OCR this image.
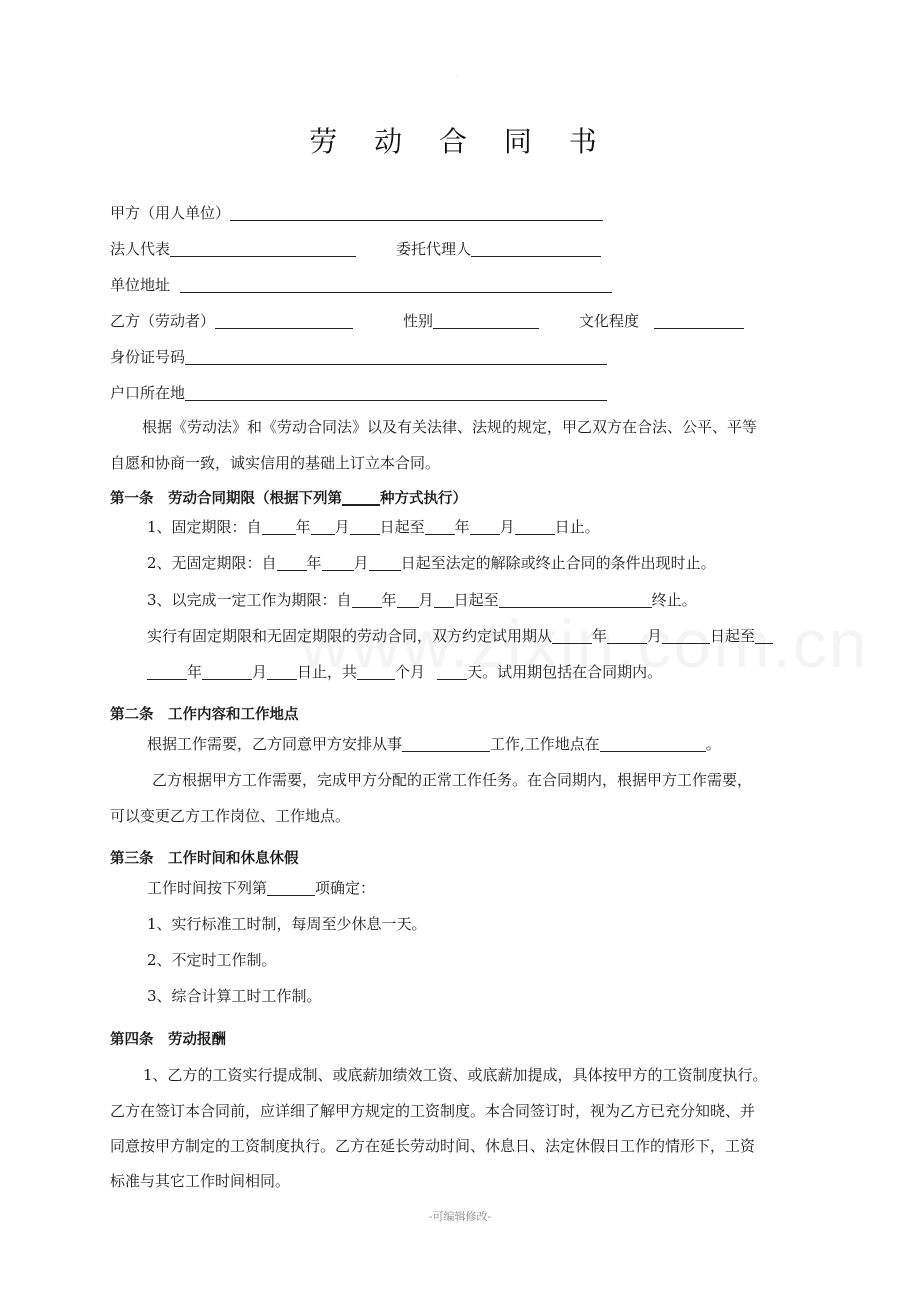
·
劳 动 合 同 书
甲方（用人单位）
法人代表	委托代理人
单位地址
乙方（劳动者）	性别	文化程度
身份证号码
户口所在地
根据《劳动法》和《劳动合同法》以及有关法律、法规的规定，甲乙双方在合法、公平、平等
自愿和协商一致，诚实信用的基础上订立本合同。
第一条　劳动合同期限（根据下列第	种方式执行）
1、固定期限：自 年 月 日起至 年 月	日止。
2、无固定期限：自 年 月 日起至法定的解除或终止合同的条件出现时止。
3、以完成一定工作为期限：自 年 月 日起至	终止。
实行有固定期限和无固定期限的劳动合同，双方约定试用期从	年	月	日起至
年	月 日止，共	个月	天。试用期包括在合同期内。
第二条　工作内容和工作地点
根据工作需要，乙方同意甲方安排从事	工作,工作地点在	。
乙方根据甲方工作需要，完成甲方分配的正常工作任务。在合同期内，根据甲方工作需要，
可以变更乙方工作岗位、工作地点。
第三条　工作时间和休息休假
工作时间按下列第	项确定：
1、实行标准工时制，每周至少休息一天。
2、不定时工作制。
3、综合计算工时工作制。
第四条　劳动报酬
1、乙方的工资实行提成制、或底薪加绩效工资、或底薪加提成，具体按甲方的工资制度执行。
乙方在签订本合同前，应详细了解甲方规定的工资制度。本合同签订时，视为乙方已充分知晓、并
同意按甲方制定的工资制度执行。乙方在延长劳动时间、休息日、法定休假日工作的情形下，工资
标准与其它工作时间相同。
-可编辑修改-
